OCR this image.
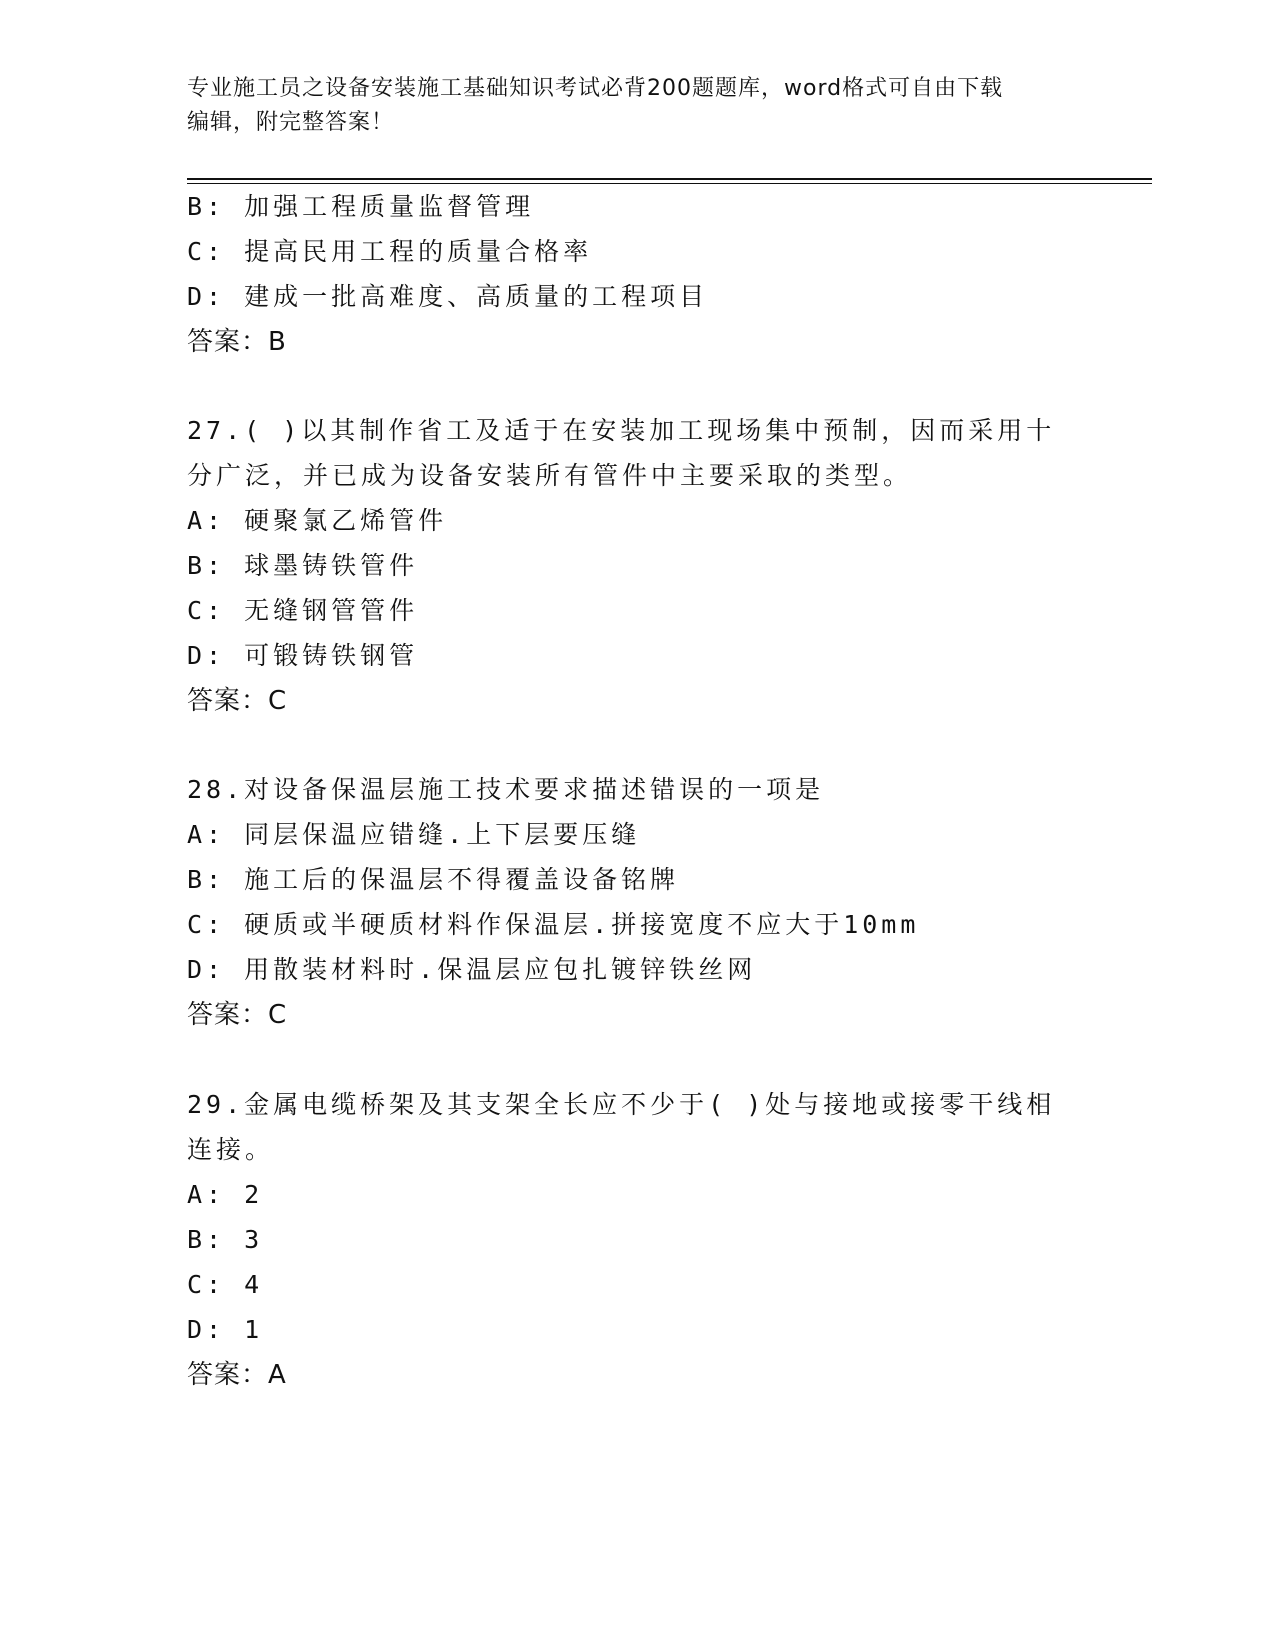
专业施工员之设备安装施工基础知识考试必背200题题库，word格式可自由下载
编辑，附完整答案！
B: 加强工程质量监督管理
C: 提高民用工程的质量合格率
D: 建成一批高难度、高质量的工程项目
答案：B
27.( )以其制作省工及适于在安装加工现场集中预制，因而采用十
分广泛，并已成为设备安装所有管件中主要采取的类型。
A: 硬聚氯乙烯管件
B: 球墨铸铁管件
C: 无缝钢管管件
D: 可锻铸铁钢管
答案：C
28.对设备保温层施工技术要求描述错误的一项是
A: 同层保温应错缝.上下层要压缝
B: 施工后的保温层不得覆盖设备铭牌
C: 硬质或半硬质材料作保温层.拼接宽度不应大于10mm
D: 用散装材料时.保温层应包扎镀锌铁丝网
答案：C
29.金属电缆桥架及其支架全长应不少于( )处与接地或接零干线相
连接。
A: 2
B: 3
C: 4
D: 1
答案：A
